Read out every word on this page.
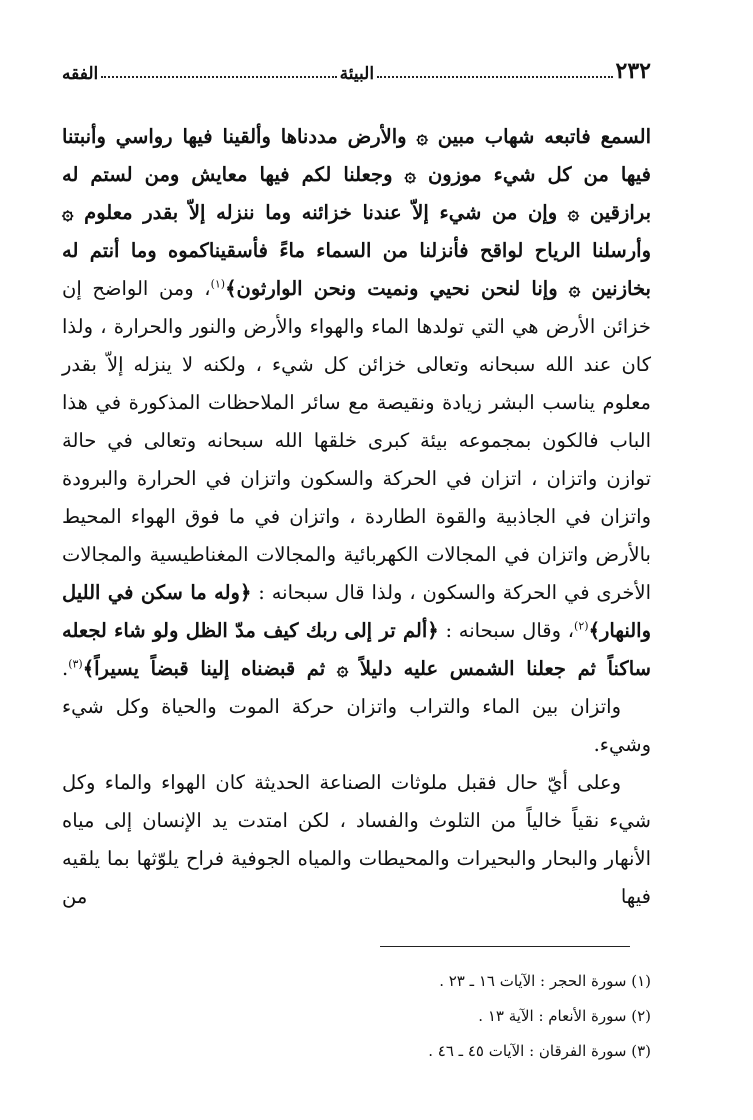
الفقه	البيئة	٢٣٢

السمع فاتبعه شهاب مبين ۞ والأرض مددناها وألقينا فيها رواسي وأنبتنا فيها من كل شيء موزون ۞ وجعلنا لكم فيها معايش ومن لستم له برازقين ۞ وإن من شيء إلاّ عندنا خزائنه وما ننزله إلاّ بقدر معلوم ۞ وأرسلنا الرياح لواقح فأنزلنا من السماء ماءً فأسقيناكموه وما أنتم له بخازنين ۞ وإنا لنحن نحيي ونميت ونحن الوارثون﴾$^{(١)}$، ومن الواضح إن خزائن الأرض هي التي تولدها الماء والهواء والأرض والنور والحرارة ، ولذا كان عند الله سبحانه وتعالى خزائن كل شيء ، ولكنه لا ينزله إلاّ بقدر معلوم يناسب البشر زيادة ونقيصة مع سائر الملاحظات المذكورة في هذا الباب فالكون بمجموعه بيئة كبرى خلقها الله سبحانه وتعالى في حالة توازن واتزان ، اتزان في الحركة والسكون واتزان في الحرارة والبرودة واتزان في الجاذبية والقوة الطاردة ، واتزان في ما فوق الهواء المحيط بالأرض واتزان في المجالات الكهربائية والمجالات المغناطيسية والمجالات الأخرى في الحركة والسكون ، ولذا قال سبحانه : ﴿وله ما سكن في الليل والنهار﴾$^{(٢)}$، وقال سبحانه : ﴿ألم تر إلى ربك كيف مدّ الظل ولو شاء لجعله ساكناً ثم جعلنا الشمس عليه دليلاً ۞ ثم قبضناه إلينا قبضاً يسيراً﴾$^{(٣)}$.

واتزان بين الماء والتراب واتزان حركة الموت والحياة وكل شيء وشيء.

وعلى أيّ حال فقبل ملوثات الصناعة الحديثة كان الهواء والماء وكل شيء نقياً خالياً من التلوث والفساد ، لكن امتدت يد الإنسان إلى مياه الأنهار والبحار والبحيرات والمحيطات والمياه الجوفية فراح يلوّثها بما يلقيه فيها من

(١) سورة الحجر : الآيات ١٦ ـ ٢٣ .
(٢) سورة الأنعام : الآية ١٣ .
(٣) سورة الفرقان : الآيات ٤٥ ـ ٤٦ .
